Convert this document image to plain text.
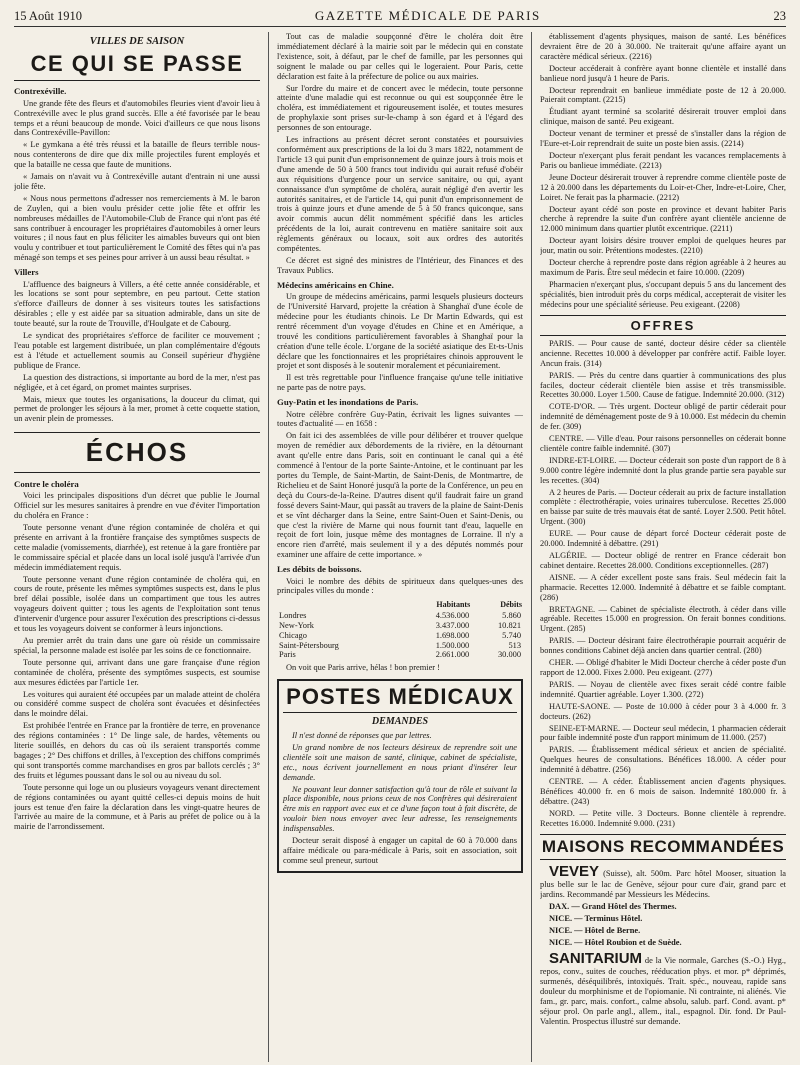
15 Août 1910	GAZETTE MÉDICALE DE PARIS	23
VILLES DE SAISON
CE QUI SE PASSE
Contrexéville.

Une grande fête des fleurs et d'automobiles fleuries vient d'avoir lieu à Contrexéville avec le plus grand succès. Elle a été favorisée par le beau temps et a réuni beaucoup de monde. Voici d'ailleurs ce que nous lisons dans Contrexéville-Pavillon:

« Le gymkana a été très réussi et la bataille de fleurs terrible nous-nous contenterons de dire que dix mille projectiles furent employés et que la bataille ne cessa que faute de munitions.

« Jamais on n'avait vu à Contrexéville autant d'entrain ni une aussi jolie fête.

« Nous nous permettons d'adresser nos remerciements à M. le baron de Zuylen, qui a bien voulu présider cette jolie fête et offrir les nombreuses médailles de l'Automobile-Club de France qui n'ont pas été sans contribuer à encourager les propriétaires d'automobiles à orner leurs voitures ; il nous faut en plus féliciter les aimables buveurs qui ont bien voulu y contribuer et tout particulièrement le Comité des fêtes qui n'a pas ménagé son temps et ses peines pour arriver à un aussi beau résultat. »

Villers

L'affluence des baigneurs à Villers, a été cette année considérable, et les locations se sont pour septembre, en peu partout. Cette station s'efforce d'ailleurs de donner à ses visiteurs toutes les satisfactions désirables ; elle y est aidée par sa situation admirable, dans un site de toute beauté, sur la route de Trouville, d'Houlgate et de Cabourg.

Le syndicat des propriétaires s'efforce de faciliter ce mouvement ; l'eau potable est largement distribuée, un plan complémentaire d'égouts est à l'étude et actuellement soumis au Conseil supérieur d'hygiène publique de France.

La question des distractions, si importante au bord de la mer, n'est pas négligée, et à cet égard, on promet maintes surprises.

Mais, mieux que toutes les organisations, la douceur du climat, qui permet de prolonger les séjours à la mer, promet à cette coquette station, un avenir plein de promesses.

ÉCHOS
Contre le choléra

Voici les principales dispositions d'un décret que publie le Journal Officiel sur les mesures sanitaires à prendre en vue d'éviter l'importation du choléra en France :

Toute personne venant d'une région contaminée de choléra et qui présente en arrivant à la frontière française des symptômes suspects de cette maladie (vomissements, diarrhée), est retenue à la gare frontière par le commissaire spécial et placée dans un local isolé jusqu'à l'arrivée d'un médecin immédiatement requis.

Toute personne venant d'une région contaminée de choléra qui, en cours de route, présente les mêmes symptômes suspects est, dans le plus bref délai possible, isolée dans un compartiment que tous les autres voyageurs doivent quitter ; tous les agents de l'exploitation sont tenus d'intervenir d'urgence pour assurer l'exécution des prescriptions ci-dessus et tous les voyageurs doivent se conformer à leurs injonctions.

Au premier arrêt du train dans une gare où réside un commissaire spécial, la personne malade est isolée par les soins de ce fonctionnaire.

Toute personne qui, arrivant dans une gare française d'une région contaminée de choléra, présente des symptômes suspects, est soumise aux mesures édictées par l'article 1er.

Les voitures qui auraient été occupées par un malade atteint de choléra ou considéré comme suspect de choléra sont évacuées et désinfectées dans le moindre délai.

Est prohibée l'entrée en France par la frontière de terre, en provenance des régions contaminées : 1° De linge sale, de hardes, vêtements ou literie souillés, en dehors du cas où ils seraient transportés comme bagages ; 2° Des chiffons et drilles, à l'exception des chiffons comprimés qui sont transportés comme marchandises en gros par ballots cerclés ; 3° des fruits et légumes poussant dans le sol ou au niveau du sol.

Toute personne qui loge un ou plusieurs voyageurs venant directement de régions contaminées ou ayant quitté celles-ci depuis moins de huit jours est tenue d'en faire la déclaration dans les vingt-quatre heures de l'arrivée au maire de la commune, et à Paris au préfet de police ou à la mairie de l'arrondissement.

Tout cas de maladie soupçonné d'être le choléra doit être immédiatement déclaré à la mairie soit par le médecin qui en constate l'existence, soit, à défaut, par le chef de famille, par les personnes qui soignent le malade ou par celles qui le logeraient. Pour Paris, cette déclaration est faite à la préfecture de police ou aux mairies.

Sur l'ordre du maire et de concert avec le médecin, toute personne atteinte d'une maladie qui est reconnue ou qui est soupçonnée être le choléra, est immédiatement et rigoureusement isolée, et toutes mesures de prophylaxie sont prises sur-le-champ à son égard et à l'égard des personnes de son entourage.

Les infractions au présent décret seront constatées et poursuivies conformément aux prescriptions de la loi du 3 mars 1822, notamment de l'article 13 qui punit d'un emprisonnement de quinze jours à trois mois et d'une amende de 50 à 500 francs tout individu qui aurait refusé d'obéir aux réquisitions d'urgence pour un service sanitaire, ou qui, ayant connaissance d'un symptôme de choléra, aurait négligé d'en avertir les autorités sanitaires, et de l'article 14, qui punit d'un emprisonnement de trois à quinze jours et d'une amende de 5 à 50 francs quiconque, sans avoir commis aucun délit nommément spécifié dans les articles précédents de la loi, aurait contrevenu en matière sanitaire soit aux règlements généraux ou locaux, soit aux ordres des autorités compétentes.

Ce décret est signé des ministres de l'Intérieur, des Finances et des Travaux Publics.

Médecins américains en Chine.

Un groupe de médecins américains, parmi lesquels plusieurs docteurs de l'Université Harvard, projette la création à Shanghaï d'une école de médecine pour les étudiants chinois. Le Dr Martin Edwards, qui est rentré récemment d'un voyage d'études en Chine et en Amérique, a trouvé les conditions particulièrement favorables à Shanghaï pour la création d'une telle école. L'organe de la société asiatique des Et-ts-Unis déclare que les fonctionnaires et les propriétaires chinois approuvent le projet et sont disposés à le soutenir moralement et pécuniairement.

Il est très regrettable pour l'influence française qu'une telle initiative ne parte pas de notre pays.

Guy-Patin et les inondations de Paris.

Notre célèbre confrère Guy-Patin, écrivait les lignes suivantes — toutes d'actualité — en 1658 :

On fait ici des assemblées de ville pour délibérer et trouver quelque moyen de remédier aux débordements de la rivière, en la détournant avant qu'elle entre dans Paris, soit en continuant le canal qui a été commencé à l'entour de la porte Sainte-Antoine, et le continuant par les portes du Temple, de Saint-Martin, de Saint-Denis, de Montmartre, de Richelieu et de Saint Honoré jusqu'à la porte de la Conférence, un peu en deçà du Cours-de-la-Reine. D'autres disent qu'il faudrait faire un grand fossé devers Saint-Maur, qui passât au travers de la plaine de Saint-Denis et se vînt décharger dans la Seine, entre Saint-Ouen et Saint-Denis, ou que c'est la rivière de Marne qui nous fournit tant d'eau, laquelle en reçoit de fort loin, jusque même des montagnes de Lorraine. Il n'y a encore rien d'arrêté, mais seulement il y a des députés nommés pour examiner une affaire de cette importance. »

Les débits de boissons.

Voici le nombre des débits de spiritueux dans quelques-unes des principales villes du monde :

	Habitants	Débits
Londres	4.536.000	5.860
New-York	3.437.000	10.821
Chicago	1.698.000	5.740
Saint-Pétersbourg	1.500.000	513
Paris	2.661.000	30.000

On voit que Paris arrive, hélas ! bon premier !

POSTES MÉDICAUX
DEMANDES

Il n'est donné de réponses que par lettres.

Un grand nombre de nos lecteurs désireux de reprendre soit une clientèle soit une maison de santé, clinique, cabinet de spécialiste, etc., nous écrivent journellement en nous priant d'insérer leur demande.

Ne pouvant leur donner satisfaction qu'à tour de rôle et suivant la place disponible, nous prions ceux de nos Confrères qui désireraient être mis en rapport avec eux et ce d'une façon tout à fait discrète, de vouloir bien nous envoyer avec leur adresse, les renseignements indispensables.

Docteur serait disposé à engager un capital de 60 à 70.000 dans affaire médicale ou para-médicale à Paris, soit en association, soit comme seul preneur, surtout

établissement d'agents physiques, maison de santé. Les bénéfices devraient être de 20 à 30.000. Ne traiterait qu'une affaire ayant un caractère médical sérieux. (2216)

Docteur accéderait à confrère ayant bonne clientèle et installé dans banlieue nord jusqu'à 1 heure de Paris.

Docteur reprendrait en banlieue immédiate poste de 12 à 20.000. Paierait comptant. (2215)

Étudiant ayant terminé sa scolarité désirerait trouver emploi dans clinique, maison de santé. Peu exigeant.

Docteur venant de terminer et pressé de s'installer dans la région de l'Eure-et-Loir reprendrait de suite un poste bien assis. (2214)

Docteur n'exerçant plus ferait pendant les vacances remplacements à Paris ou banlieue immédiate. (2213)

Jeune Docteur désirerait trouver à reprendre comme clientèle poste de 12 à 20.000 dans les départements du Loir-et-Cher, Indre-et-Loire, Cher, Loiret. Ne ferait pas la pharmacie. (2212)

Docteur ayant cédé son poste en province et devant habiter Paris cherche à reprendre la suite d'un confrère ayant clientèle ancienne de 12.000 minimum dans quartier plutôt excentrique. (2211)

Docteur ayant loisirs désire trouver emploi de quelques heures par jour, matin ou soir. Prétentions modestes. (2210)

Docteur cherche à reprendre poste dans région agréable à 2 heures au maximum de Paris. Être seul médecin et faire 10.000. (2209)

Pharmacien n'exerçant plus, s'occupant depuis 5 ans du lancement des spécialités, bien introduit près du corps médical, accepterait de visiter les médecins pour une spécialité sérieuse. Peu exigeant. (2208)

OFFRES

PARIS. — Pour cause de santé, docteur désire céder sa clientèle ancienne. Recettes 10.000 à développer par confrère actif. Faible loyer. Ancun frais. (314)

PARIS. — Près du centre dans quartier à communications des plus faciles, docteur céderait clientèle bien assise et très transmissible. Recettes 30.000. Loyer 1.500. Cause de fatigue. Indemnité 20.000. (312)

COTE-D'OR. — Très urgent. Docteur obligé de partir céderait pour indemnité de déménagement poste de 9 à 10.000. Est médecin du chemin de fer. (309)

CENTRE. — Ville d'eau. Pour raisons personnelles on céderait bonne clientèle contre faible indemnité. (307)

INDRE-ET-LOIRE. — Docteur céderait son poste d'un rapport de 8 à 9.000 contre légère indemnité dont la plus grande partie sera payable sur les recettes. (304)

A 2 heures de Paris. — Docteur céderait au prix de facture installation complète : électrothérapie, voies urinaires tuberculose. Recettes 25.000 en baisse par suite de très mauvais état de santé. Loyer 2.500. Petit hôtel. Urgent. (300)

EURE. — Pour cause de départ forcé Docteur céderait poste de 20.000. Indemnité à débattre. (291)

ALGÉRIE. — Docteur obligé de rentrer en France céderait bon cabinet dentaire. Recettes 28.000. Conditions exceptionnelles. (287)

AISNE. — A céder excellent poste sans frais. Seul médecin fait la pharmacie. Recettes 12.000. Indemnité à débattre et se faible comptant. (286)

BRETAGNE. — Cabinet de spécialiste électroth. à céder dans ville agréable. Recettes 15.000 en progression. On ferait bonnes conditions. Urgent. (285)

PARIS. — Docteur désirant faire électrothérapie pourrait acquérir de bonnes conditions Cabinet déjà ancien dans quartier central. (280)

CHER. — Obligé d'habiter le Midi Docteur cherche à céder poste d'un rapport de 12.000. Fixes 2.000. Peu exigeant. (277)

PARIS. — Noyau de clientèle avec fixes serait cédé contre faible indemnité. Quartier agréable. Loyer 1.300. (272)

HAUTE-SAONE. — Poste de 10.000 à céder pour 3 à 4.000 fr. 3 docteurs. (262)

SEINE-ET-MARNE. — Docteur seul médecin, 1 pharmacien céderait pour faible indemnité poste d'un rapport minimum de 11.000. (257)

PARIS. — Établissement médical sérieux et ancien de spécialité. Quelques heures de consultations. Bénéfices 18.000. A céder pour indemnité à débattre. (256)

CENTRE. — A céder. Établissement ancien d'agents physiques. Bénéfices 40.000 fr. en 6 mois de saison. Indemnité 180.000 fr. à débattre. (243)

NORD. — Petite ville. 3 Docteurs. Bonne clientèle à reprendre. Recettes 16.000. Indemnité 9.000. (231)

MAISONS RECOMMANDÉES

VEVEY (Suisse), alt. 500m. Parc hôtel Mooser, situation la plus belle sur le lac de Genève, séjour pour cure d'air, grand parc et jardins. Recommandé par Messieurs les Médecins.

DAX. — Grand Hôtel des Thermes.

NICE. — Terminus Hôtel.

NICE. — Hôtel de Berne.

NICE. — Hôtel Roubion et de Suède.

SANITARIUM de la Vie normale, Garches (S.-O.) Hyg., repos, conv., suites de couches, rééducation phys. et mor. p* déprimés, surmenés, déséquilibrés, intoxiqués. Trait. spéc., nouveau, rapide sans douleur du morphinisme et de l'opiomanie. Ni contrainte, ni aliénés. Vie fam., gr. parc, mais. confort., calme absolu, salub. parf. Cond. avant. p* séjour prol. On parle angl., allem., ital., espagnol. Dir. fond. Dr Paul-Valentin. Prospectus illustré sur demande.
